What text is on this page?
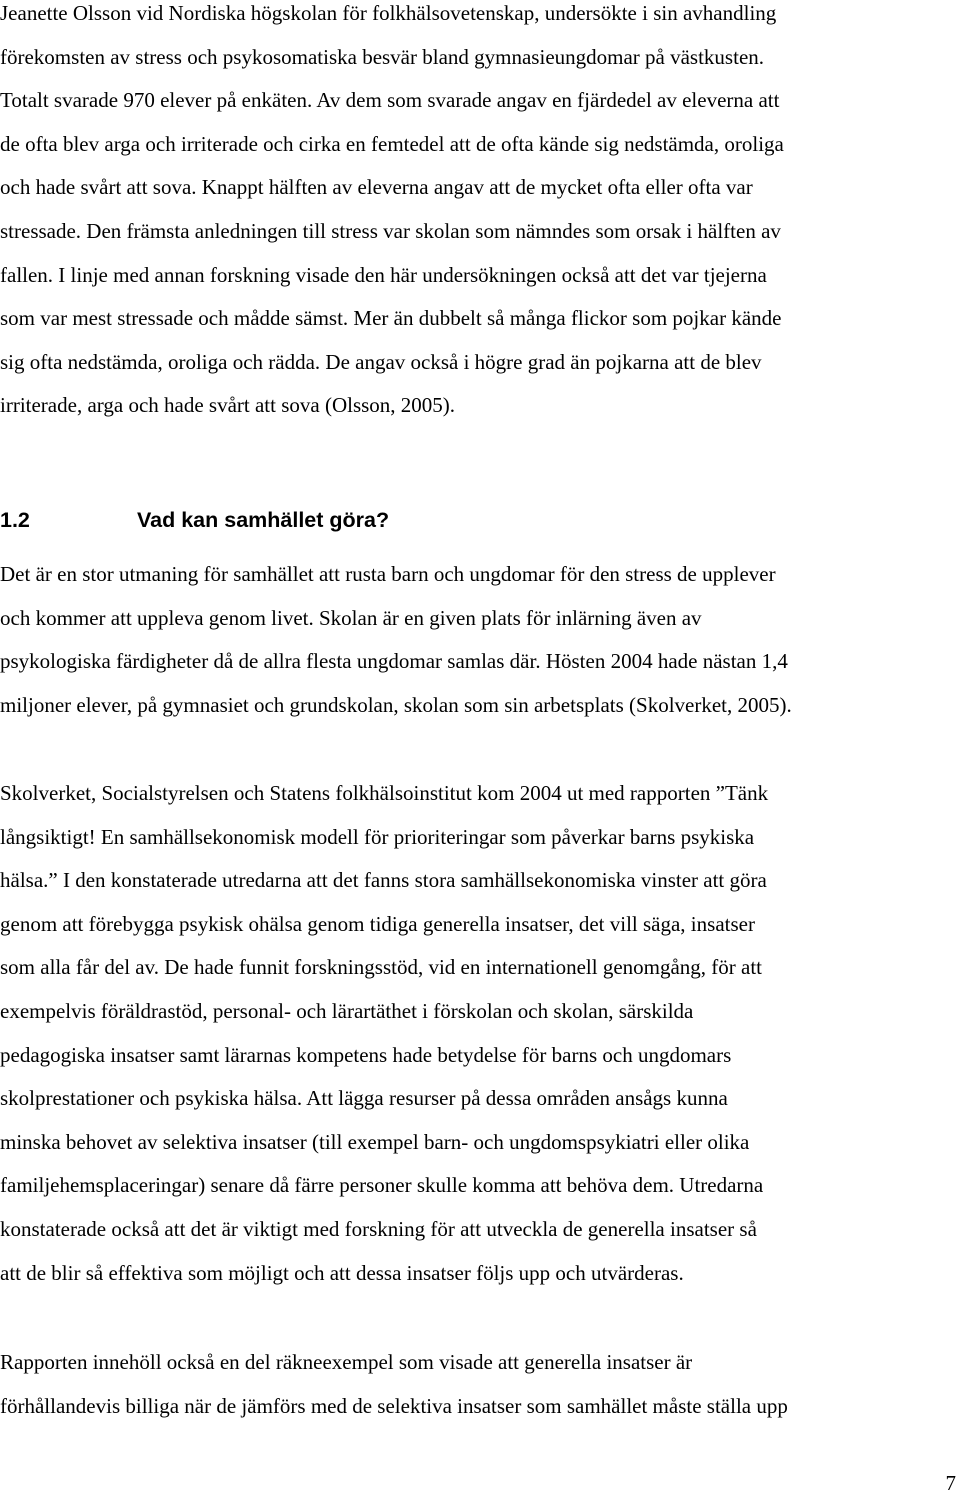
Jeanette Olsson vid Nordiska högskolan för folkhälsovetenskap, undersökte i sin avhandling
förekomsten av stress och psykosomatiska besvär bland gymnasieungdomar på västkusten.
Totalt svarade 970 elever på enkäten. Av dem som svarade angav en fjärdedel av eleverna att
de ofta blev arga och irriterade och cirka en femtedel att de ofta kände sig nedstämda, oroliga
och hade svårt att sova. Knappt hälften av eleverna angav att de mycket ofta eller ofta var
stressade. Den främsta anledningen till stress var skolan som nämndes som orsak i hälften av
fallen. I linje med annan forskning visade den här undersökningen också att det var tjejerna
som var mest stressade och mådde sämst. Mer än dubbelt så många flickor som pojkar kände
sig ofta nedstämda, oroliga och rädda. De angav också i högre grad än pojkarna att de blev
irriterade, arga och hade svårt att sova (Olsson, 2005).
1.2	Vad kan samhället göra?
Det är en stor utmaning för samhället att rusta barn och ungdomar för den stress de upplever
och kommer att uppleva genom livet. Skolan är en given plats för inlärning även av
psykologiska färdigheter då de allra flesta ungdomar samlas där. Hösten 2004 hade nästan 1,4
miljoner elever, på gymnasiet och grundskolan, skolan som sin arbetsplats (Skolverket, 2005).
Skolverket, Socialstyrelsen och Statens folkhälsoinstitut kom 2004 ut med rapporten ”Tänk
långsiktigt! En samhällsekonomisk modell för prioriteringar som påverkar barns psykiska
hälsa.” I den konstaterade utredarna att det fanns stora samhällsekonomiska vinster att göra
genom att förebygga psykisk ohälsa genom tidiga generella insatser, det vill säga, insatser
som alla får del av. De hade funnit forskningsstöd, vid en internationell genomgång, för att
exempelvis föräldrastöd, personal- och lärartäthet i förskolan och skolan, särskilda
pedagogiska insatser samt lärarnas kompetens hade betydelse för barns och ungdomars
skolprestationer och psykiska hälsa. Att lägga resurser på dessa områden ansågs kunna
minska behovet av selektiva insatser (till exempel barn- och ungdomspsykiatri eller olika
familjehemsplaceringar) senare då färre personer skulle komma att behöva dem. Utredarna
konstaterade också att det är viktigt med forskning för att utveckla de generella insatser så
att de blir så effektiva som möjligt och att dessa insatser följs upp och utvärderas.
Rapporten innehöll också en del räkneexempel som visade att generella insatser är
förhållandevis billiga när de jämförs med de selektiva insatser som samhället måste ställa upp
7
